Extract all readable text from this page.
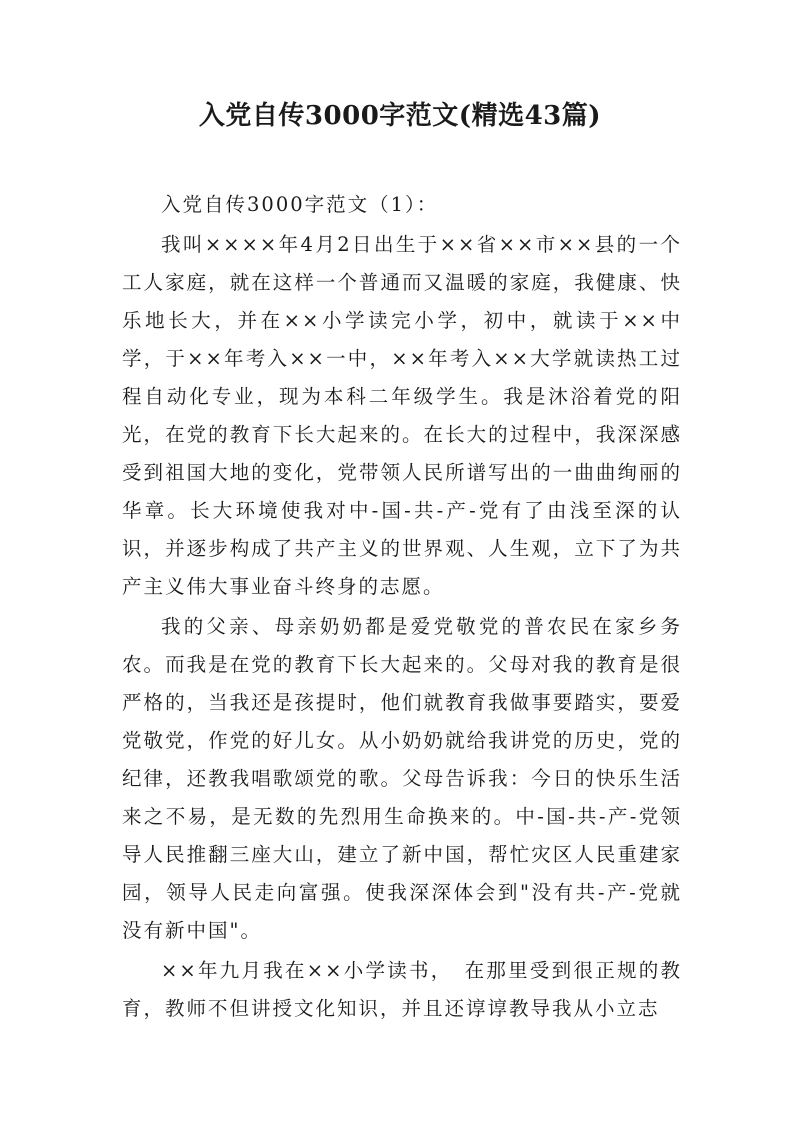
入党自传3000字范文(精选43篇)

入党自传3000字范文（1）：

我叫××××年4月2日出生于××省××市××县的一个工人家庭，就在这样一个普通而又温暖的家庭，我健康、快乐地长大，并在××小学读完小学，初中，就读于××中学，于××年考入××一中，××年考入××大学就读热工过程自动化专业，现为本科二年级学生。我是沐浴着党的阳光，在党的教育下长大起来的。在长大的过程中，我深深感受到祖国大地的变化，党带领人民所谱写出的一曲曲绚丽的华章。长大环境使我对中-国-共-产-党有了由浅至深的认识，并逐步构成了共产主义的世界观、人生观，立下了为共产主义伟大事业奋斗终身的志愿。

我的父亲、母亲奶奶都是爱党敬党的普农民在家乡务农。而我是在党的教育下长大起来的。父母对我的教育是很严格的，当我还是孩提时，他们就教育我做事要踏实，要爱党敬党，作党的好儿女。从小奶奶就给我讲党的历史，党的纪律，还教我唱歌颂党的歌。父母告诉我：今日的快乐生活来之不易，是无数的先烈用生命换来的。中-国-共-产-党领导人民推翻三座大山，建立了新中国，帮忙灾区人民重建家园，领导人民走向富强。使我深深体会到"没有共-产-党就没有新中国"。

××年九月我在××小学读书，　在那里受到很正规的教育，教师不但讲授文化知识，并且还谆谆教导我从小立志
